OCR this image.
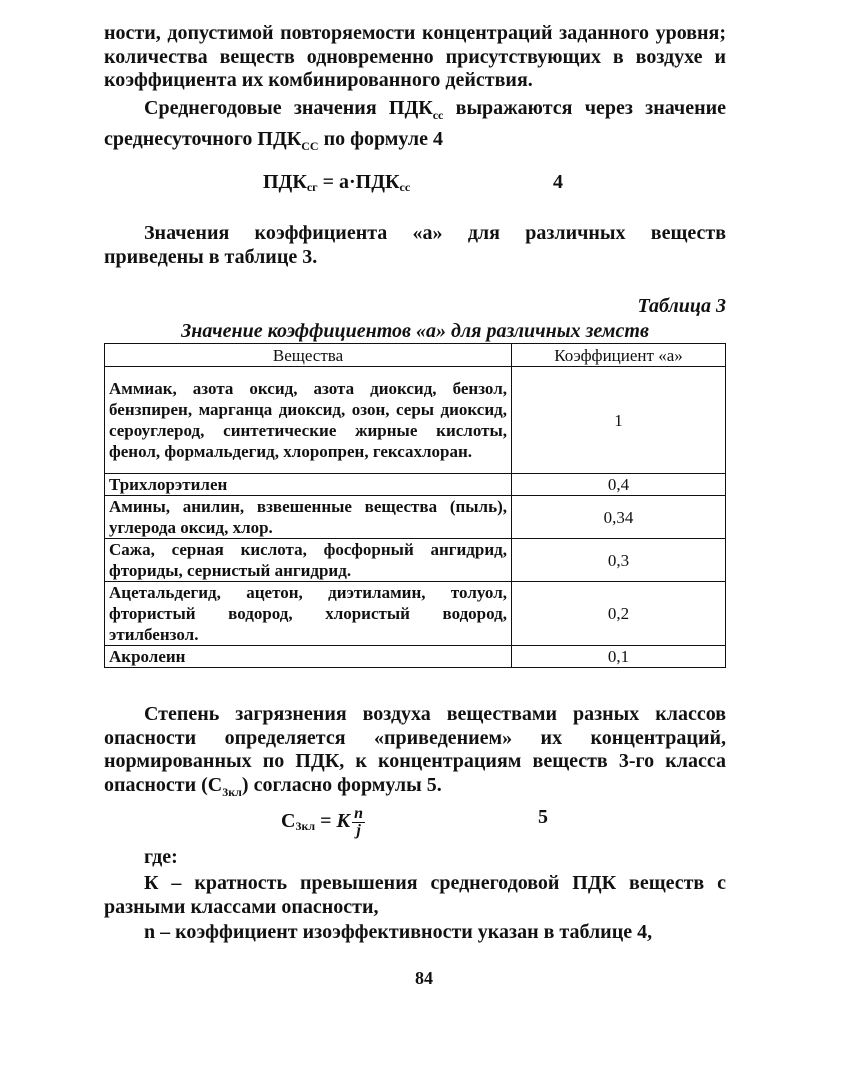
ности, допустимой повторяемости концентраций заданного уровня; количества веществ одновременно присутствующих в воздухе и коэффициента их комбинированного действия.

Среднегодовые значения $ПДК_{сс}$ выражаются через значение среднесуточного $ПДК_{СС}$ по формуле 4

$ПДК_{сг} = a\cdot ПДК_{сс}$	4

Значения коэффициента «а» для различных веществ приведены в таблице 3.

Таблица 3
Значение коэффициентов «а» для различных земств
Вещества	Коэффициент «а»
Аммиак, азота оксид, азота диоксид, бензол, бензпирен, марганца диоксид, озон, серы диоксид, сероуглерод, синтетические жирные кислоты, фенол, формальдегид, хлоропрен, гексахлоран.	1
Трихлорэтилен	0,4
Амины, анилин, взвешенные вещества (пыль), углерода оксид, хлор.	0,34
Сажа, серная кислота, фосфорный ангидрид, фториды, сернистый ангидрид.	0,3
Ацетальдегид, ацетон, диэтиламин, толуол, фтористый водород, хлористый водород, этилбензол.	0,2
Акролеин	0,1

Степень загрязнения воздуха веществами разных классов опасности определяется «приведением» их концентраций, нормированных по ПДК, к концентрациям веществ 3-го класса опасности $(С_{3кл})$ согласно формулы 5.

$С_{3кл} = К \frac{n}{j}$	5

где:

К – кратность превышения среднегодовой ПДК веществ с разными классами опасности,

n – коэффициент изоэффективности указан в таблице 4,

84
